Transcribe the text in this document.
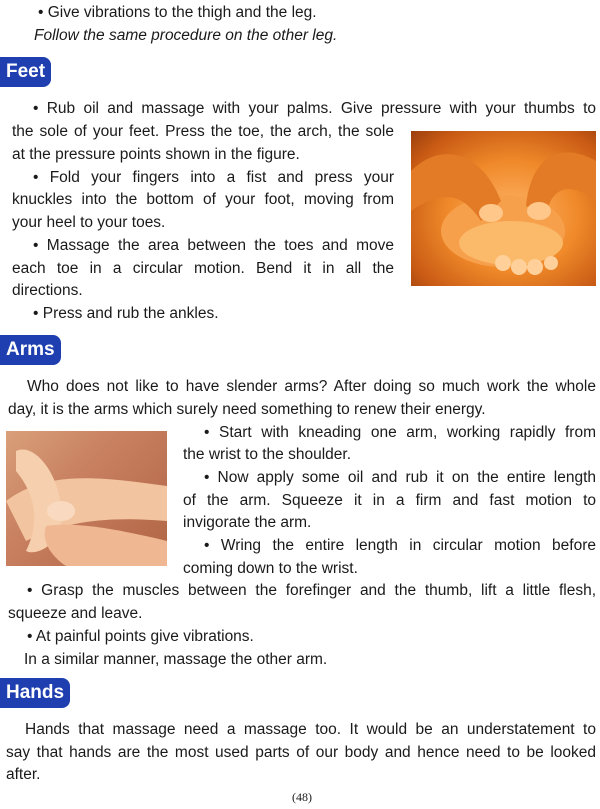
• Give vibrations to the thigh and the leg.
Follow the same procedure on the other leg.
Feet
• Rub oil and massage with your palms. Give pressure with your thumbs to
the sole of your feet. Press the toe, the arch, the sole
at the pressure points shown in the figure.
• Fold your fingers into a fist and press your
knuckles into the bottom of your foot, moving from
your heel to your toes.
• Massage the area between the toes and move
each toe in a circular motion. Bend it in all the
directions.
• Press and rub the ankles.
Arms
Who does not like to have slender arms? After doing so much work the whole
day, it is the arms which surely need something to renew their energy.
• Start with kneading one arm, working rapidly from
the wrist to the shoulder.
• Now apply some oil and rub it on the entire length
of the arm. Squeeze it in a firm and fast motion to
invigorate the arm.
• Wring the entire length in circular motion before
coming down to the wrist.
• Grasp the muscles between the forefinger and the thumb, lift a little flesh,
squeeze and leave.
• At painful points give vibrations.
In a similar manner, massage the other arm.
Hands
Hands that massage need a massage too. It would be an understatement to
say that hands are the most used parts of our body and hence need to be looked
after.
(48)
